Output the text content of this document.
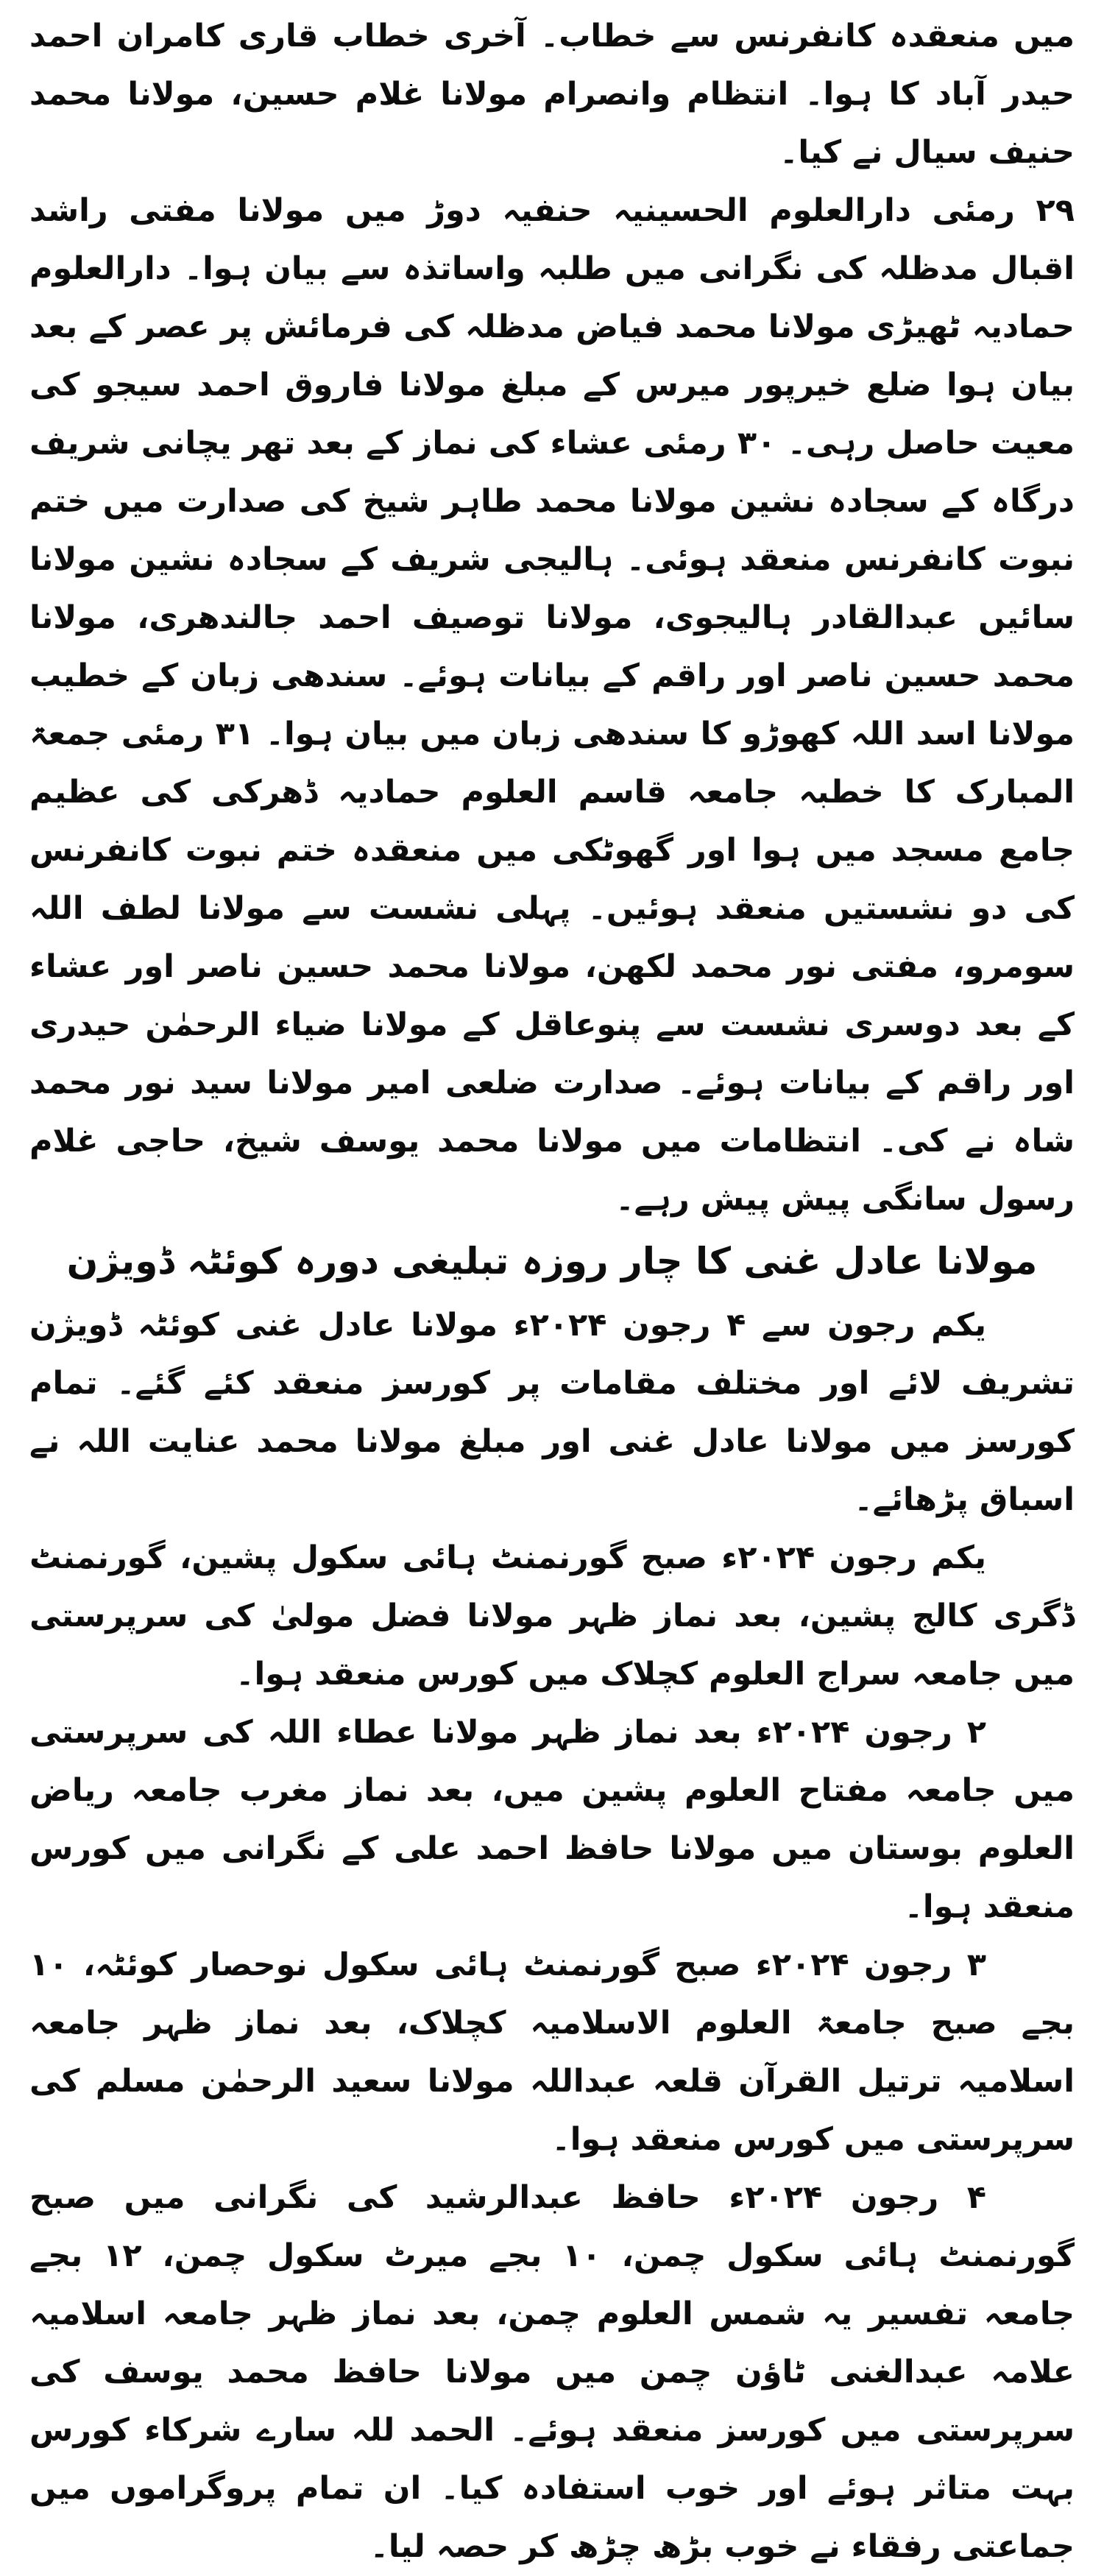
میں منعقدہ کانفرنس سے خطاب۔ آخری خطاب قاری کامران احمد حیدر آباد کا ہوا۔ انتظام وانصرام مولانا غلام حسین، مولانا محمد حنیف سیال نے کیا۔

۲۹ رمئی دارالعلوم الحسینیہ حنفیہ دوڑ میں مولانا مفتی راشد اقبال مدظلہ کی نگرانی میں طلبہ واساتذہ سے بیان ہوا۔ دارالعلوم حمادیہ ٹھیڑی مولانا محمد فیاض مدظلہ کی فرمائش پر عصر کے بعد بیان ہوا ضلع خیرپور میرس کے مبلغ مولانا فاروق احمد سیجو کی معیت حاصل رہی۔ ۳۰ رمئی عشاء کی نماز کے بعد تھر یچانی شریف درگاہ کے سجادہ نشین مولانا محمد طاہر شیخ کی صدارت میں ختم نبوت کانفرنس منعقد ہوئی۔ ہالیجی شریف کے سجادہ نشین مولانا سائیں عبدالقادر ہالیجوی، مولانا توصیف احمد جالندھری، مولانا محمد حسین ناصر اور راقم کے بیانات ہوئے۔ سندھی زبان کے خطیب مولانا اسد اللہ کھوڑو کا سندھی زبان میں بیان ہوا۔ ۳۱ رمئی جمعۃ المبارک کا خطبہ جامعہ قاسم العلوم حمادیہ ڈھرکی کی عظیم جامع مسجد میں ہوا اور گھوٹکی میں منعقدہ ختم نبوت کانفرنس کی دو نشستیں منعقد ہوئیں۔ پہلی نشست سے مولانا لطف اللہ سومرو، مفتی نور محمد لکھن، مولانا محمد حسین ناصر اور عشاء کے بعد دوسری نشست سے پنوعاقل کے مولانا ضیاء الرحمٰن حیدری اور راقم کے بیانات ہوئے۔ صدارت ضلعی امیر مولانا سید نور محمد شاہ نے کی۔ انتظامات میں مولانا محمد یوسف شیخ، حاجی غلام رسول سانگی پیش پیش رہے۔

مولانا عادل غنی کا چار روزہ تبلیغی دورہ کوئٹہ ڈویژن

یکم رجون سے ۴ رجون ۲۰۲۴ء مولانا عادل غنی کوئٹہ ڈویژن تشریف لائے اور مختلف مقامات پر کورسز منعقد کئے گئے۔ تمام کورسز میں مولانا عادل غنی اور مبلغ مولانا محمد عنایت اللہ نے اسباق پڑھائے۔

یکم رجون ۲۰۲۴ء صبح گورنمنٹ ہائی سکول پشین، گورنمنٹ ڈگری کالج پشین، بعد نماز ظہر مولانا فضل مولیٰ کی سرپرستی میں جامعہ سراج العلوم کچلاک میں کورس منعقد ہوا۔

۲ رجون ۲۰۲۴ء بعد نماز ظہر مولانا عطاء اللہ کی سرپرستی میں جامعہ مفتاح العلوم پشین میں، بعد نماز مغرب جامعہ ریاض العلوم بوستان میں مولانا حافظ احمد علی کے نگرانی میں کورس منعقد ہوا۔

۳ رجون ۲۰۲۴ء صبح گورنمنٹ ہائی سکول نوحصار کوئٹہ، ۱۰ بجے صبح جامعۃ العلوم الاسلامیہ کچلاک، بعد نماز ظہر جامعہ اسلامیہ ترتیل القرآن قلعہ عبداللہ مولانا سعید الرحمٰن مسلم کی سرپرستی میں کورس منعقد ہوا۔

۴ رجون ۲۰۲۴ء حافظ عبدالرشید کی نگرانی میں صبح گورنمنٹ ہائی سکول چمن، ۱۰ بجے میرٹ سکول چمن، ۱۲ بجے جامعہ تفسیر یہ شمس العلوم چمن، بعد نماز ظہر جامعہ اسلامیہ علامہ عبدالغنی ٹاؤن چمن میں مولانا حافظ محمد یوسف کی سرپرستی میں کورسز منعقد ہوئے۔ الحمد للہ سارے شرکاء کورس بہت متاثر ہوئے اور خوب استفادہ کیا۔ ان تمام پروگراموں میں جماعتی رفقاء نے خوب بڑھ چڑھ کر حصہ لیا۔
